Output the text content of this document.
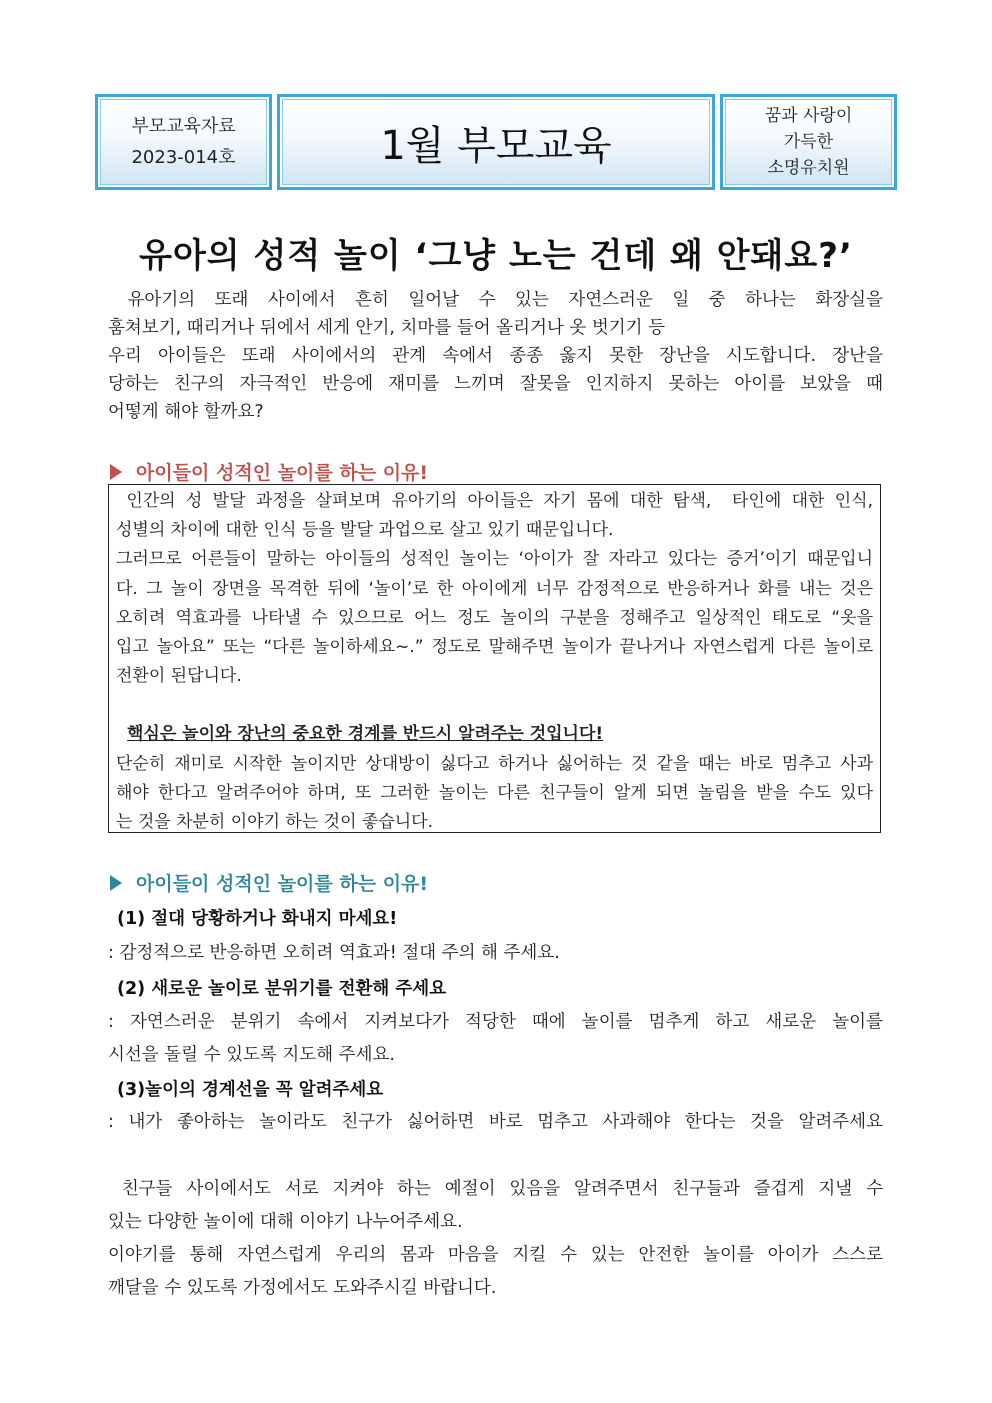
부모교육자료
2023-014호	1월 부모교육
꿈과 사랑이
가득한
소명유치원
유아의 성적 놀이 ‘그냥 노는 건데 왜 안돼요?’
유아기의 또래 사이에서 흔히 일어날 수 있는 자연스러운 일 중 하나는 화장실을
훔쳐보기, 때리거나 뒤에서 세게 안기, 치마를 들어 올리거나 옷 벗기기 등
우리 아이들은 또래 사이에서의 관계 속에서 종종 옳지 못한 장난을 시도합니다. 장난을
당하는 친구의 자극적인 반응에 재미를 느끼며 잘못을 인지하지 못하는 아이를 보았을 때
어떻게 해야 할까요?
아이들이 성적인 놀이를 하는 이유!
인간의 성 발달 과정을 살펴보며 유아기의 아이들은 자기 몸에 대한 탐색,  타인에 대한 인식,
성별의 차이에 대한 인식 등을 발달 과업으로 살고 있기 때문입니다.
그러므로 어른들이 말하는 아이들의 성적인 놀이는 ‘아이가 잘 자라고 있다는 증거’이기 때문입니
다. 그 놀이 장면을 목격한 뒤에 ‘놀이’로 한 아이에게 너무 감정적으로 반응하거나 화를 내는 것은
오히려 역효과를 나타낼 수 있으므로 어느 정도 놀이의 구분을 정해주고 일상적인 태도로 “옷을
입고 놀아요” 또는 “다른 놀이하세요~.” 정도로 말해주면 놀이가 끝나거나 자연스럽게 다른 놀이로
전환이 된답니다.
핵심은 놀이와 장난의 중요한 경계를 반드시 알려주는 것입니다!
단순히 재미로 시작한 놀이지만 상대방이 싫다고 하거나 싫어하는 것 같을 때는 바로 멈추고 사과
해야 한다고 알려주어야 하며, 또 그러한 놀이는 다른 친구들이 알게 되면 놀림을 받을 수도 있다
는 것을 차분히 이야기 하는 것이 좋습니다.
아이들이 성적인 놀이를 하는 이유!
(1) 절대 당황하거나 화내지 마세요!
: 감정적으로 반응하면 오히려 역효과! 절대 주의 해 주세요.
(2) 새로운 놀이로 분위기를 전환해 주세요
: 자연스러운 분위기 속에서 지켜보다가 적당한 때에 놀이를 멈추게 하고 새로운 놀이를
시선을 돌릴 수 있도록 지도해 주세요.
(3)놀이의 경계선을 꼭 알려주세요
: 내가 좋아하는 놀이라도 친구가 싫어하면 바로 멈추고 사과해야 한다는 것을 알려주세요
친구들 사이에서도 서로 지켜야 하는 예절이 있음을 알려주면서 친구들과 즐겁게 지낼 수
있는 다양한 놀이에 대해 이야기 나누어주세요.
이야기를 통해 자연스럽게 우리의 몸과 마음을 지킬 수 있는 안전한 놀이를 아이가 스스로
깨달을 수 있도록 가정에서도 도와주시길 바랍니다.
